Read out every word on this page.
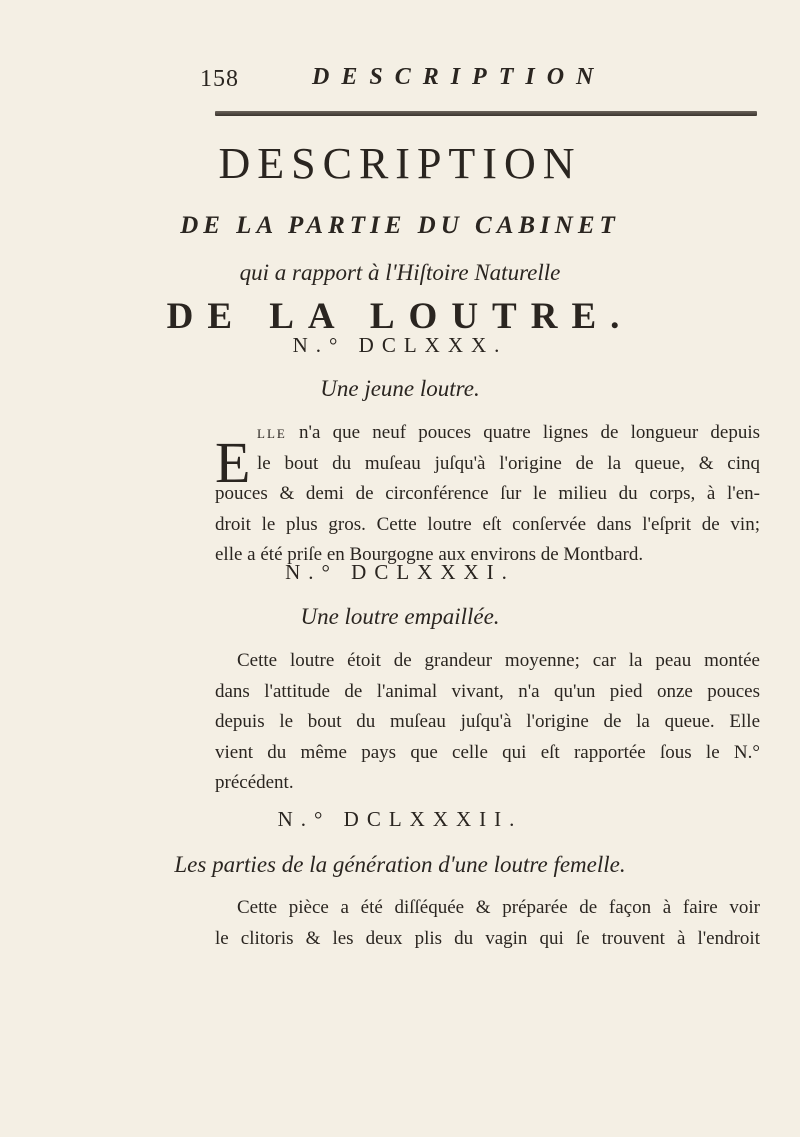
158	DESCRIPTION
DESCRIPTION
DE LA PARTIE DU CABINET
qui a rapport à l'Hiſtoire Naturelle
DE LA LOUTRE.
N.° DCLXXX.
Une jeune loutre.
E lle n'a que neuf pouces quatre lignes de longueur depuis
le bout du muſeau juſqu'à l'origine de la queue, & cinq
pouces & demi de circonférence ſur le milieu du corps, à l'en-
droit le plus gros. Cette loutre eſt conſervée dans l'eſprit de vin;
elle a été priſe en Bourgogne aux environs de Montbard.
N.° DCLXXXI.
Une loutre empaillée.
Cette loutre étoit de grandeur moyenne; car la peau montée
dans l'attitude de l'animal vivant, n'a qu'un pied onze pouces
depuis le bout du muſeau juſqu'à l'origine de la queue. Elle
vient du même pays que celle qui eſt rapportée ſous le N.°
précédent.
N.° DCLXXXII.
Les parties de la génération d'une loutre femelle.
Cette pièce a été diſſéquée & préparée de façon à faire voir
le clitoris & les deux plis du vagin qui ſe trouvent à l'endroit
